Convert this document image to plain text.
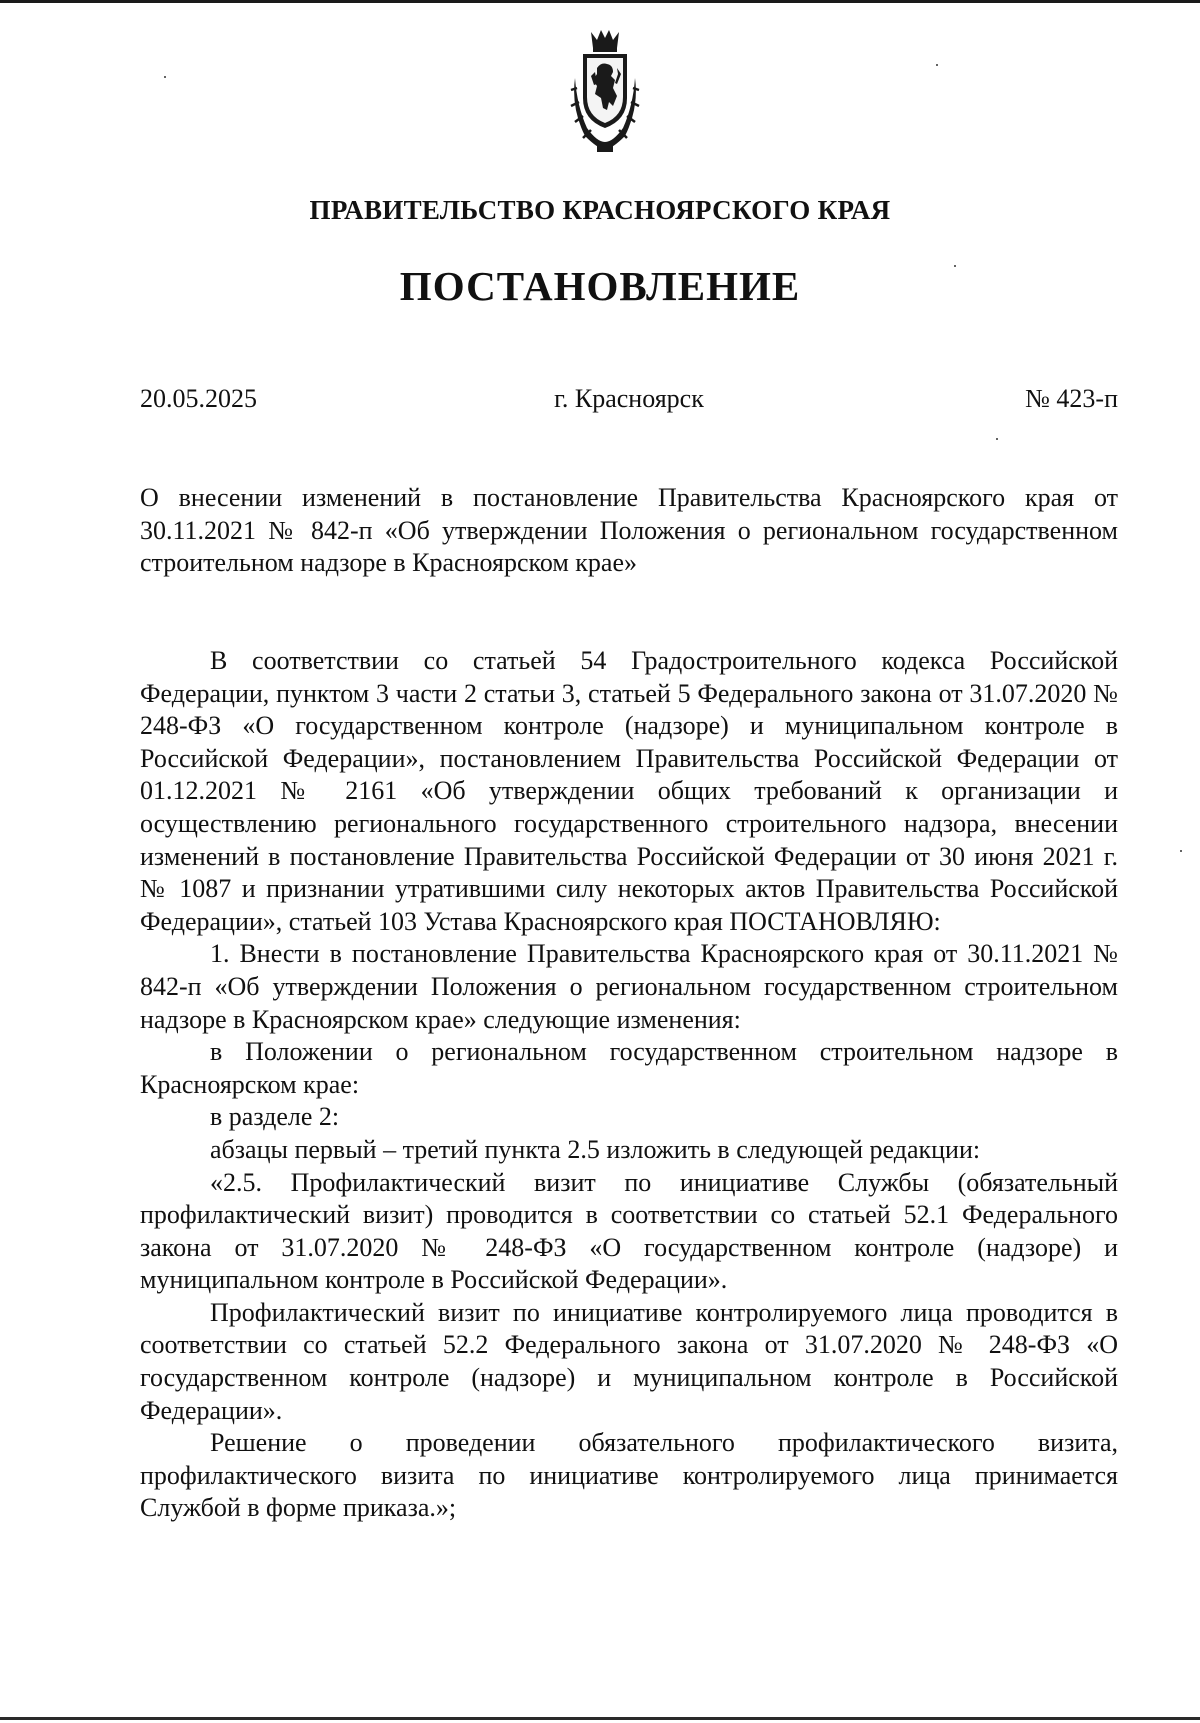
ПРАВИТЕЛЬСТВО КРАСНОЯРСКОГО КРАЯ
ПОСТАНОВЛЕНИЕ
20.05.2025	г. Красноярск	№ 423-п
О внесении изменений в постановление Правительства Красноярского края от 30.11.2021 № 842-п «Об утверждении Положения о региональном государственном строительном надзоре в Красноярском крае»

В соответствии со статьей 54 Градостроительного кодекса Российской Федерации, пунктом 3 части 2 статьи 3, статьей 5 Федерального закона от 31.07.2020 № 248-ФЗ «О государственном контроле (надзоре) и муниципальном контроле в Российской Федерации», постановлением Правительства Российской Федерации от 01.12.2021 № 2161 «Об утверждении общих требований к организации и осуществлению регионального государственного строительного надзора, внесении изменений в постановление Правительства Российской Федерации от 30 июня 2021 г. № 1087 и признании утратившими силу некоторых актов Правительства Российской Федерации», статьей 103 Устава Красноярского края ПОСТАНОВЛЯЮ:

1. Внести в постановление Правительства Красноярского края от 30.11.2021 № 842-п «Об утверждении Положения о региональном государственном строительном надзоре в Красноярском крае» следующие изменения:

в Положении о региональном государственном строительном надзоре в Красноярском крае:

в разделе 2:

абзацы первый – третий пункта 2.5 изложить в следующей редакции:

«2.5. Профилактический визит по инициативе Службы (обязательный профилактический визит) проводится в соответствии со статьей 52.1 Федерального закона от 31.07.2020 № 248-ФЗ «О государственном контроле (надзоре) и муниципальном контроле в Российской Федерации».

Профилактический визит по инициативе контролируемого лица проводится в соответствии со статьей 52.2 Федерального закона от 31.07.2020 № 248-ФЗ «О государственном контроле (надзоре) и муниципальном контроле в Российской Федерации».

Решение о проведении обязательного профилактического визита, профилактического визита по инициативе контролируемого лица принимается Службой в форме приказа.»;
